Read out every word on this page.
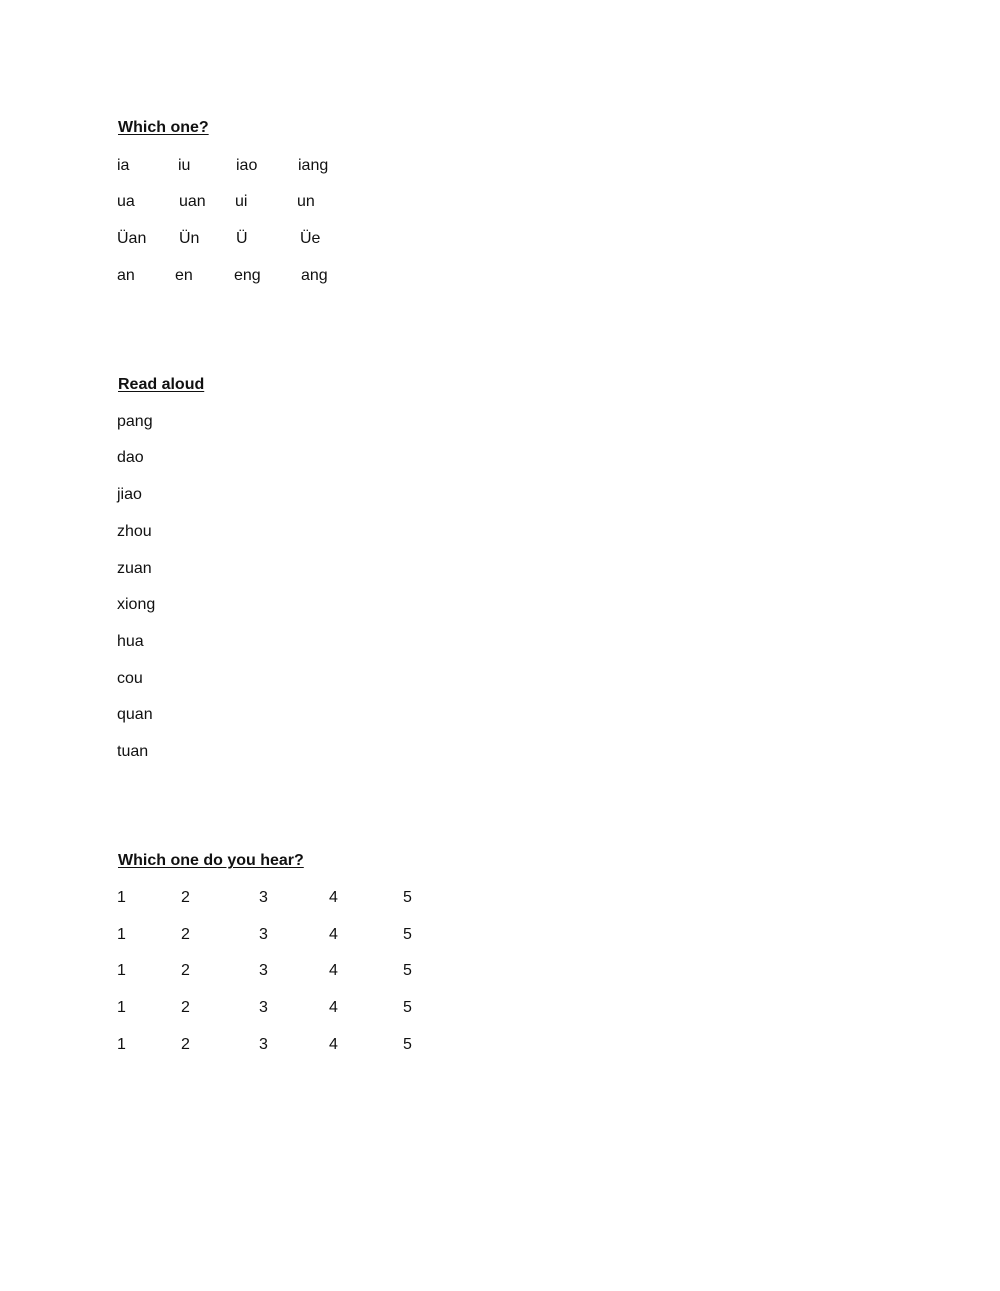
Which one?
ia	iu	iao	iang
ua	uan ui	un
Üan Ün Ü	Üe
an	en	eng	ang
Read aloud
pang
dao
jiao
zhou
zuan
xiong
hua
cou
quan
tuan
Which one do you hear?
1	2	3	4	5
1	2	3	4	5
1	2	3	4	5
1	2	3	4	5
1	2	3	4	5
